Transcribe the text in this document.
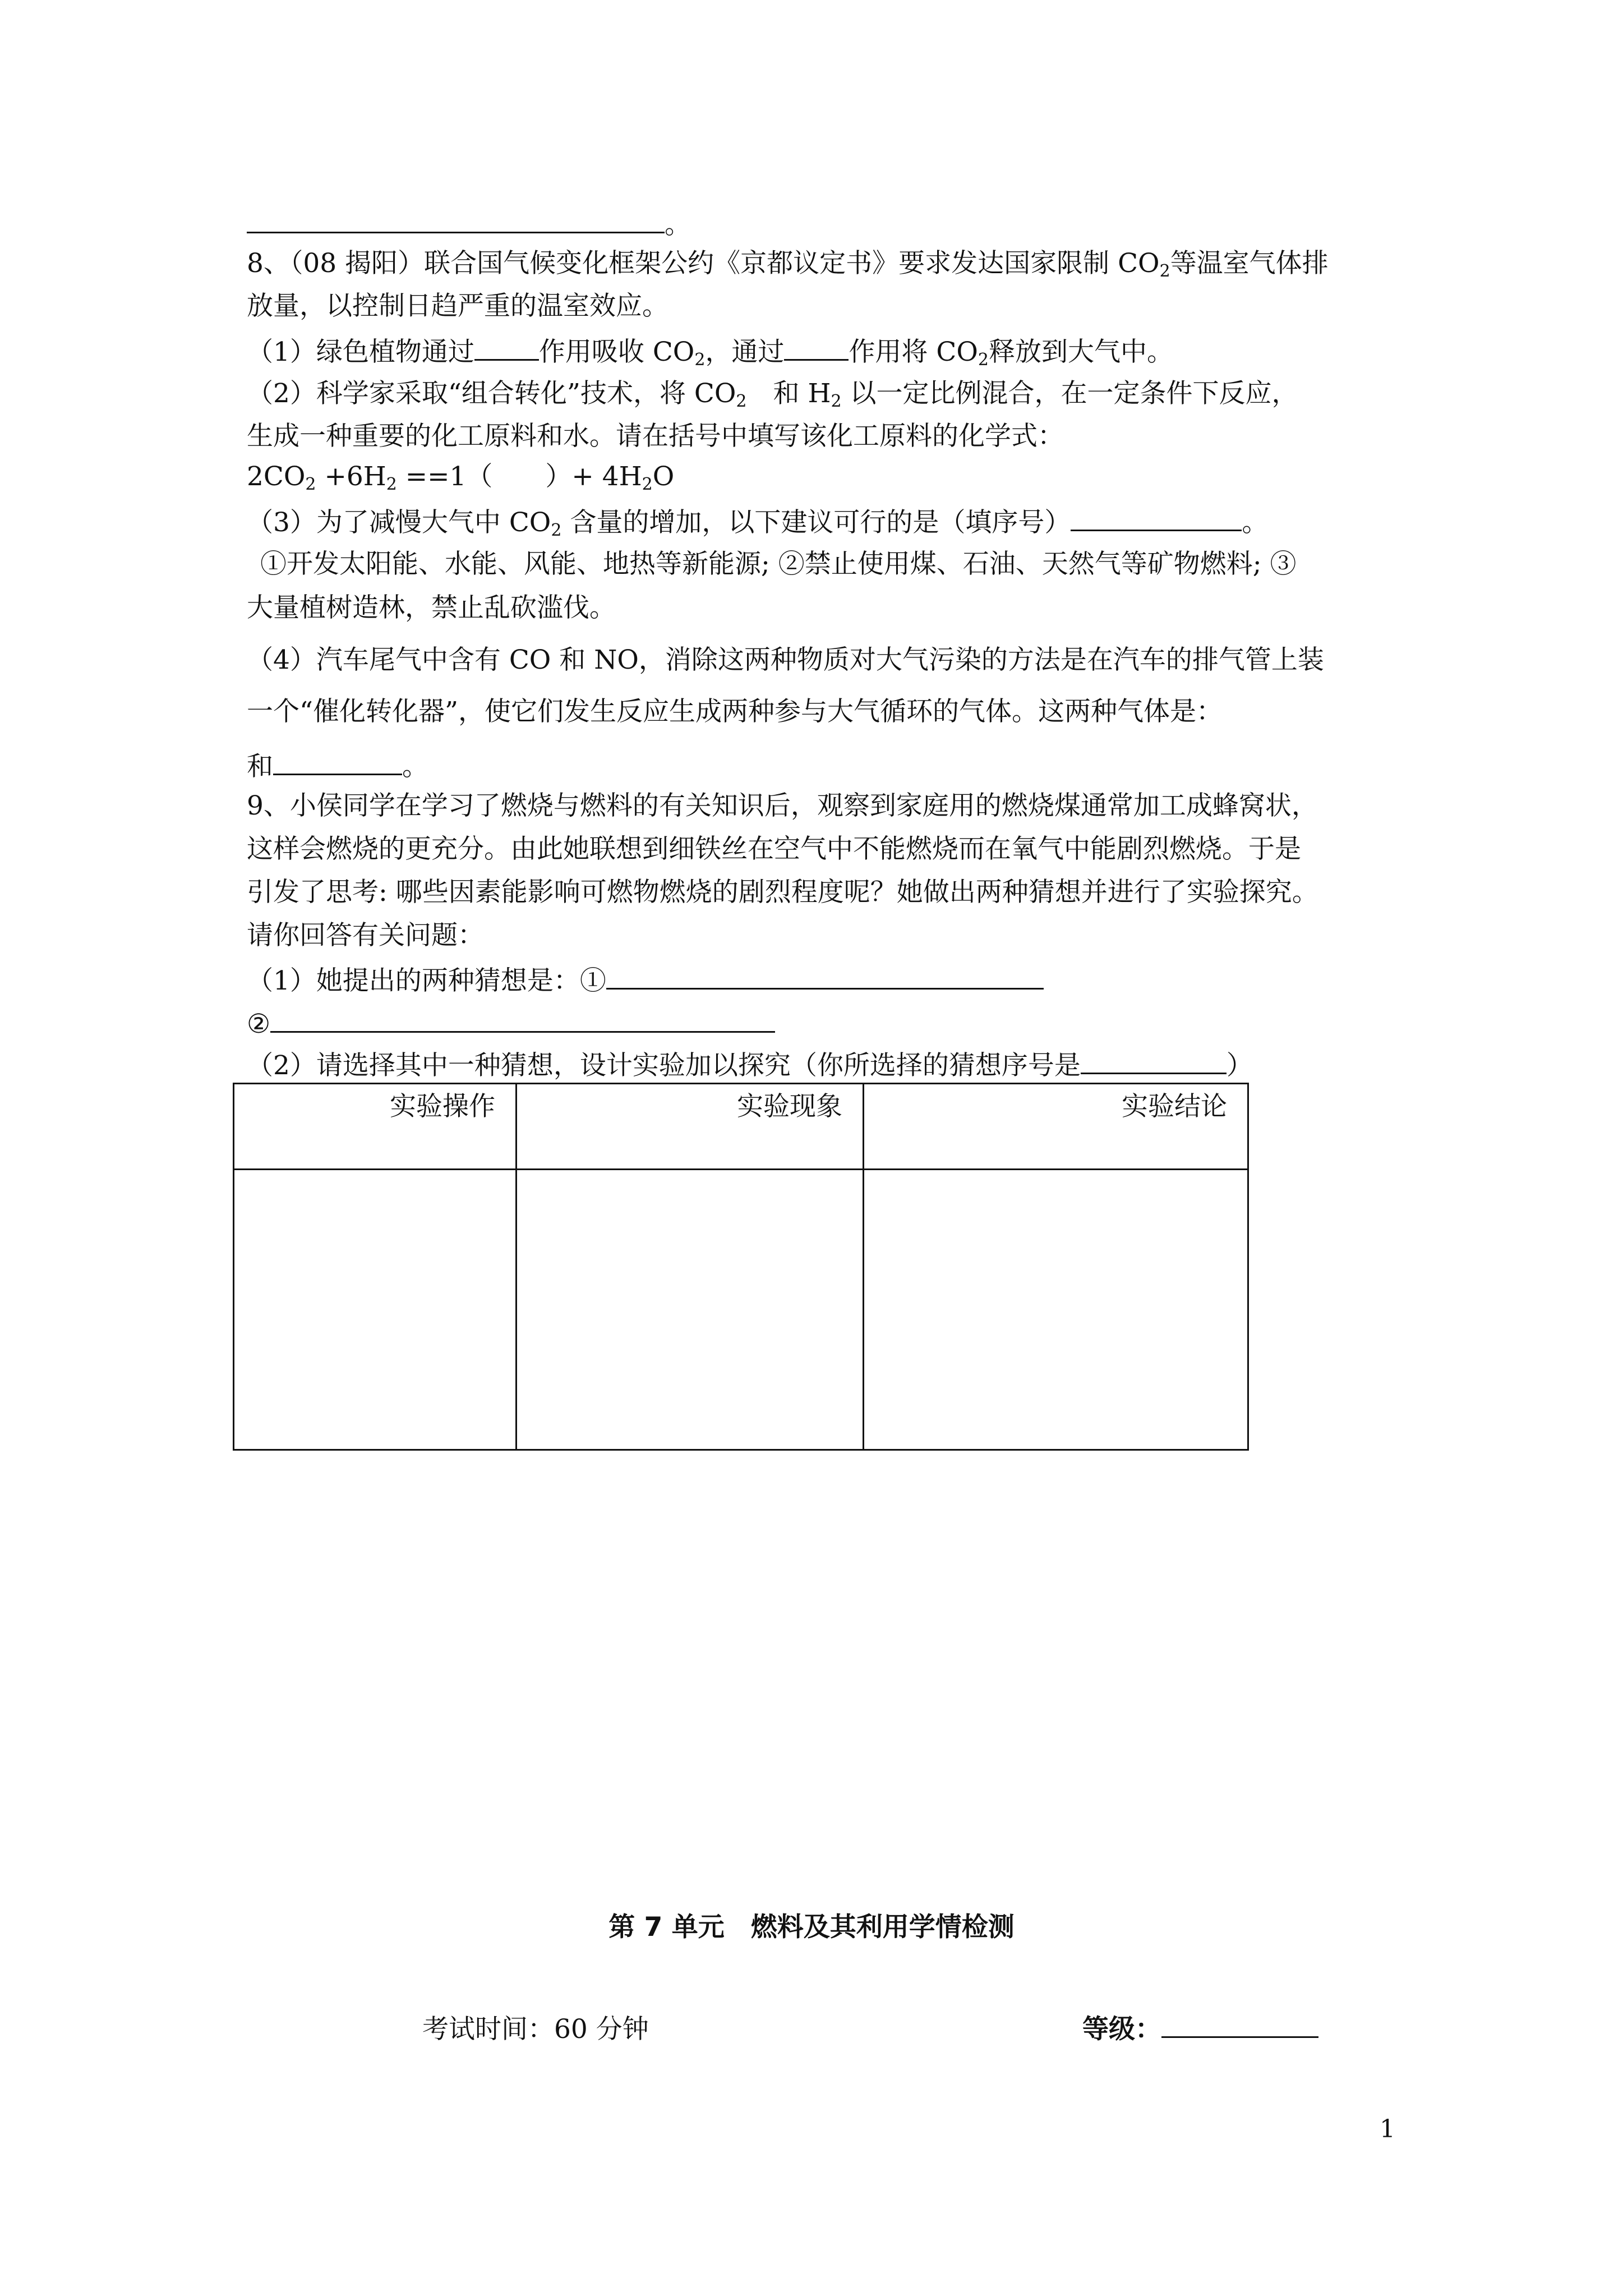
。
8、（08 揭阳）联合国气候变化框架公约《京都议定书》要求发达国家限制 $CO_2$等温室气体排
放量，以控制日趋严重的温室效应。
（1）绿色植物通过 作用吸收 $CO_2$，通过 作用将 $CO_2$释放到大气中。
（2）科学家采取“组合转化”技术，将 $CO_2$　和 $H_2$ 以一定比例混合，在一定条件下反应，
生成一种重要的化工原料和水。请在括号中填写该化工原料的化学式：
$2CO_2 +6H_2 ==1$（　　）+ $4H_2O$
（3）为了减慢大气中 $CO_2$ 含量的增加，以下建议可行的是（填序号）	。
①开发太阳能、水能、风能、地热等新能源; ②禁止使用煤、石油、天然气等矿物燃料; ③
大量植树造林，禁止乱砍滥伐。
（4）汽车尾气中含有 CO 和 NO，消除这两种物质对大气污染的方法是在汽车的排气管上装
一个“催化转化器”，使它们发生反应生成两种参与大气循环的气体。这两种气体是：
和	。
9、小侯同学在学习了燃烧与燃料的有关知识后，观察到家庭用的燃烧煤通常加工成蜂窝状，
这样会燃烧的更充分。由此她联想到细铁丝在空气中不能燃烧而在氧气中能剧烈燃烧。于是
引发了思考: 哪些因素能影响可燃物燃烧的剧烈程度呢？她做出两种猜想并进行了实验探究。
请你回答有关问题：
（1）她提出的两种猜想是：①
②
（2）请选择其中一种猜想，设计实验加以探究（你所选择的猜想序号是	）
实验操作	实验现象	实验结论

第 7 单元　燃料及其利用学情检测
考试时间：60 分钟	等级：
1
